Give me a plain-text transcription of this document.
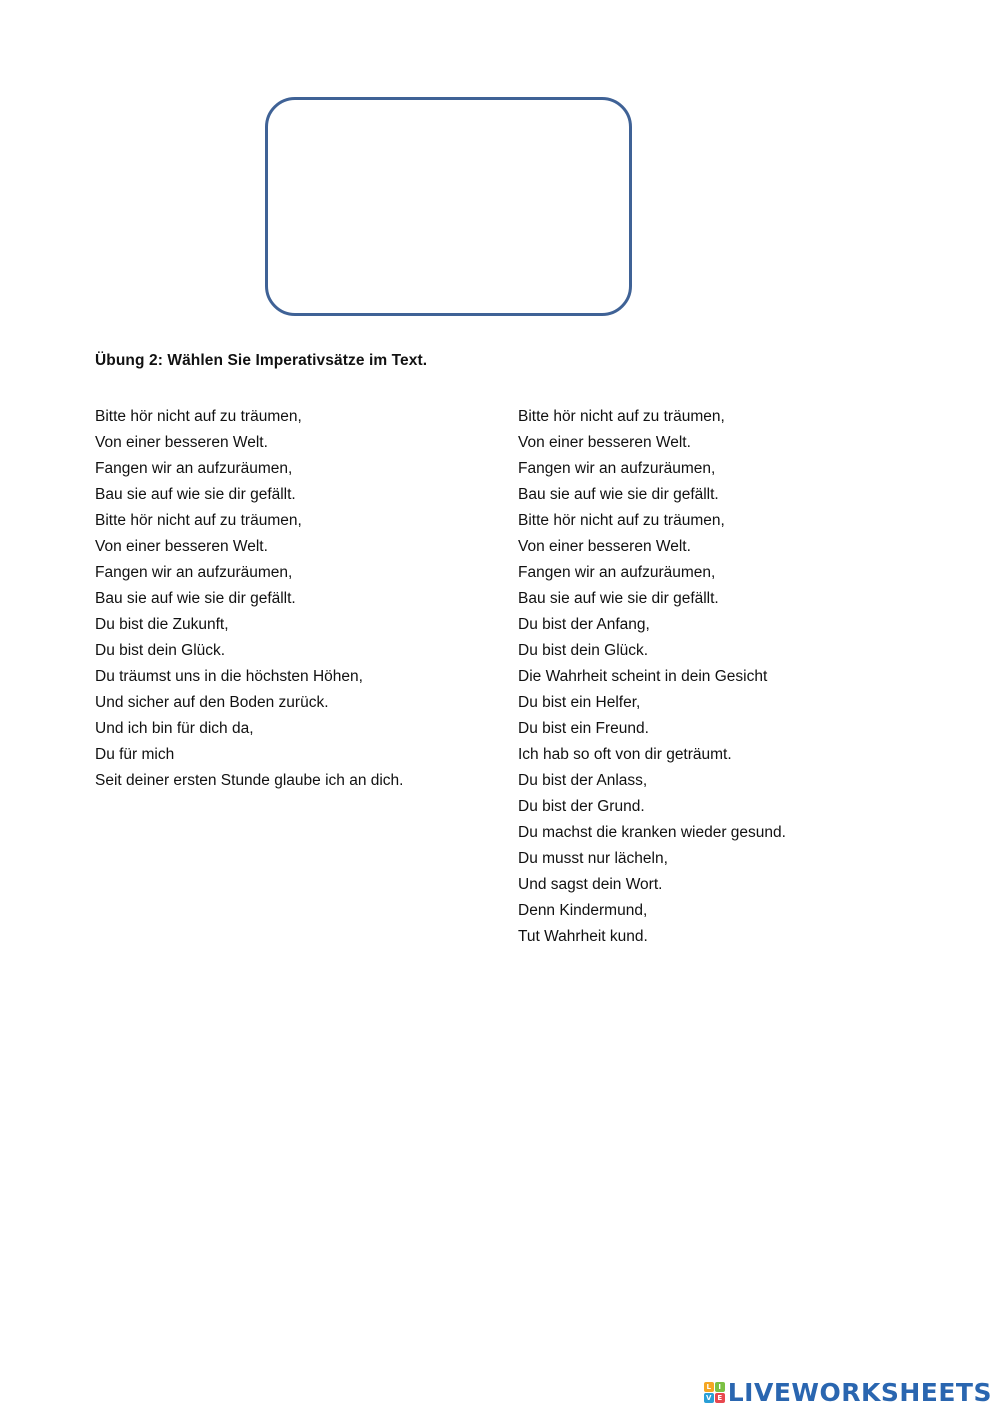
Übung 2: Wählen Sie Imperativsätze im Text.
Bitte hör nicht auf zu träumen,
Von einer besseren Welt.
Fangen wir an aufzuräumen,
Bau sie auf wie sie dir gefällt.
Bitte hör nicht auf zu träumen,
Von einer besseren Welt.
Fangen wir an aufzuräumen,
Bau sie auf wie sie dir gefällt.
Du bist die Zukunft,
Du bist dein Glück.
Du träumst uns in die höchsten Höhen,
Und sicher auf den Boden zurück.
Und ich bin für dich da,
Du für mich
Seit deiner ersten Stunde glaube ich an dich.
Bitte hör nicht auf zu träumen,
Von einer besseren Welt.
Fangen wir an aufzuräumen,
Bau sie auf wie sie dir gefällt.
Bitte hör nicht auf zu träumen,
Von einer besseren Welt.
Fangen wir an aufzuräumen,
Bau sie auf wie sie dir gefällt.
Du bist der Anfang,
Du bist dein Glück.
Die Wahrheit scheint in dein Gesicht
Du bist ein Helfer,
Du bist ein Freund.
Ich hab so oft von dir geträumt.
Du bist der Anlass,
Du bist der Grund.
Du machst die kranken wieder gesund.
Du musst nur lächeln,
Und sagst dein Wort.
Denn Kindermund,
Tut Wahrheit kund.
L	I
V E LIVEWORKSHEETS
